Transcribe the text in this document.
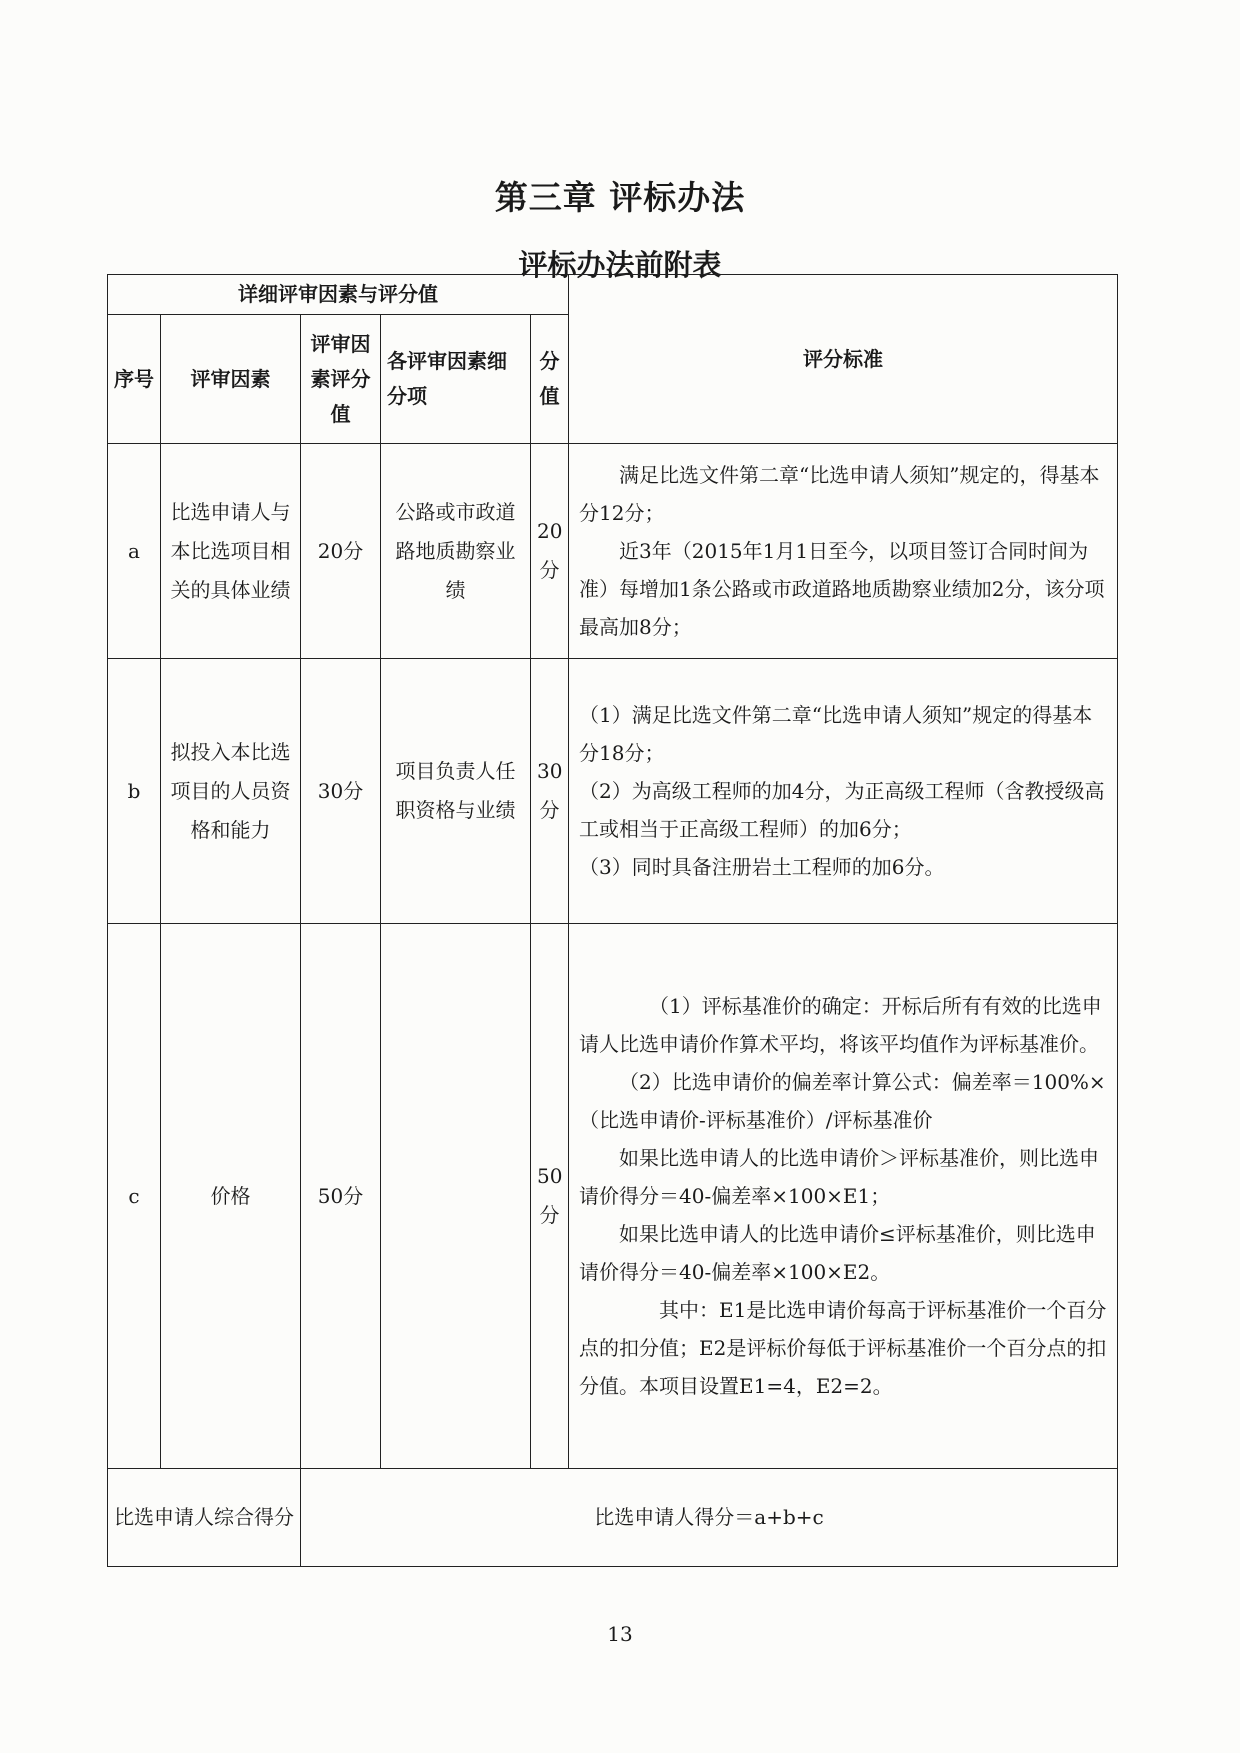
第三章 评标办法
评标办法前附表
详细评审因素与评分值					评分标准
序号	评审因素	评审因素评分值	各评审因素细分项	分值	
a	比选申请人与本比选项目相关的具体业绩	20分	公路或市政道路地质勘察业绩	20分	满足比选文件第二章“比选申请人须知”规定的，得基本分12分；

近3年（2015年1月1日至今，以项目签订合同时间为准）每增加1条公路或市政道路地质勘察业绩加2分，该分项最高加8分；

b	拟投入本比选项目的人员资格和能力	30分	项目负责人任职资格与业绩	30分	（1）满足比选文件第二章“比选申请人须知”规定的得基本分18分；

（2）为高级工程师的加4分，为正高级工程师（含教授级高工或相当于正高级工程师）的加6分；

（3）同时具备注册岩土工程师的加6分。

c	价格	50分		50分	（1）评标基准价的确定：开标后所有有效的比选申请人比选申请价作算术平均，将该平均值作为评标基准价。

（2）比选申请价的偏差率计算公式：偏差率＝100%×（比选申请价-评标基准价）/评标基准价

如果比选申请人的比选申请价＞评标基准价，则比选申请价得分＝40-偏差率×100×E1；

如果比选申请人的比选申请价≤评标基准价，则比选申请价得分＝40-偏差率×100×E2。

其中：E1是比选申请价每高于评标基准价一个百分点的扣分值；E2是评标价每低于评标基准价一个百分点的扣分值。本项目设置E1=4，E2=2。

比选申请人综合得分		比选申请人得分＝a+b+c			
13
